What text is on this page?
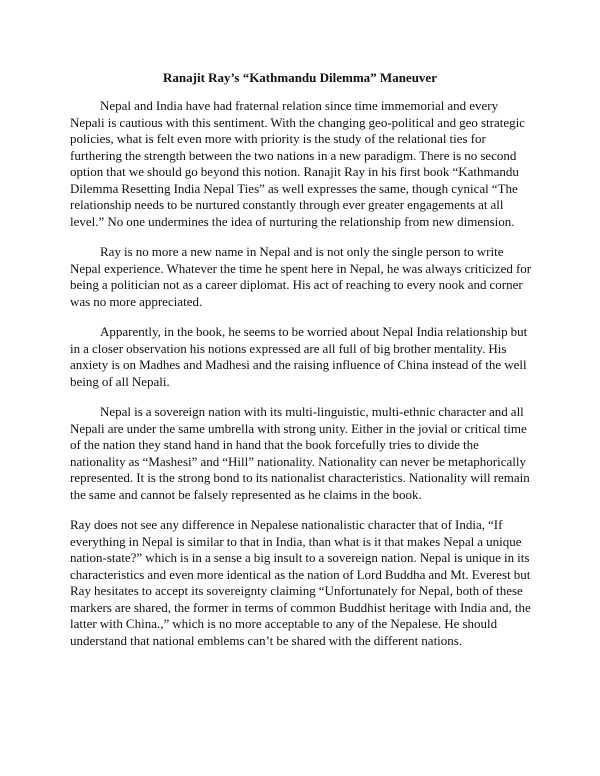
Ranajit Ray’s “Kathmandu Dilemma” Maneuver

Nepal and India have had fraternal relation since time immemorial and every Nepali is cautious with this sentiment. With the changing geo-political and geo strategic policies, what is felt even more with priority is the study of the relational ties for furthering the strength between the two nations in a new paradigm. There is no second option that we should go beyond this notion. Ranajit Ray in his first book “Kathmandu Dilemma Resetting India Nepal Ties” as well expresses the same, though cynical “The relationship needs to be nurtured constantly through ever greater engagements at all level.” No one undermines the idea of nurturing the relationship from new dimension.

Ray is no more a new name in Nepal and is not only the single person to write Nepal experience. Whatever the time he spent here in Nepal, he was always criticized for being a politician not as a career diplomat. His act of reaching to every nook and corner was no more appreciated.

Apparently, in the book, he seems to be worried about Nepal India relationship but in a closer observation his notions expressed are all full of big brother mentality. His anxiety is on Madhes and Madhesi and the raising influence of China instead of the well being of all Nepali.

Nepal is a sovereign nation with its multi-linguistic, multi-ethnic character and all Nepali are under the same umbrella with strong unity. Either in the jovial or critical time of the nation they stand hand in hand that the book forcefully tries to divide the nationality as “Mashesi” and “Hill” nationality. Nationality can never be metaphorically represented. It is the strong bond to its nationalist characteristics. Nationality will remain the same and cannot be falsely represented as he claims in the book.

Ray does not see any difference in Nepalese nationalistic character that of India, “If everything in Nepal is similar to that in India, than what is it that makes Nepal a unique nation-state?” which is in a sense a big insult to a sovereign nation. Nepal is unique in its characteristics and even more identical as the nation of Lord Buddha and Mt. Everest but Ray hesitates to accept its sovereignty claiming “Unfortunately for Nepal, both of these markers are shared, the former in terms of common Buddhist heritage with India and, the latter with China.,” which is no more acceptable to any of the Nepalese. He should understand that national emblems can’t be shared with the different nations.
